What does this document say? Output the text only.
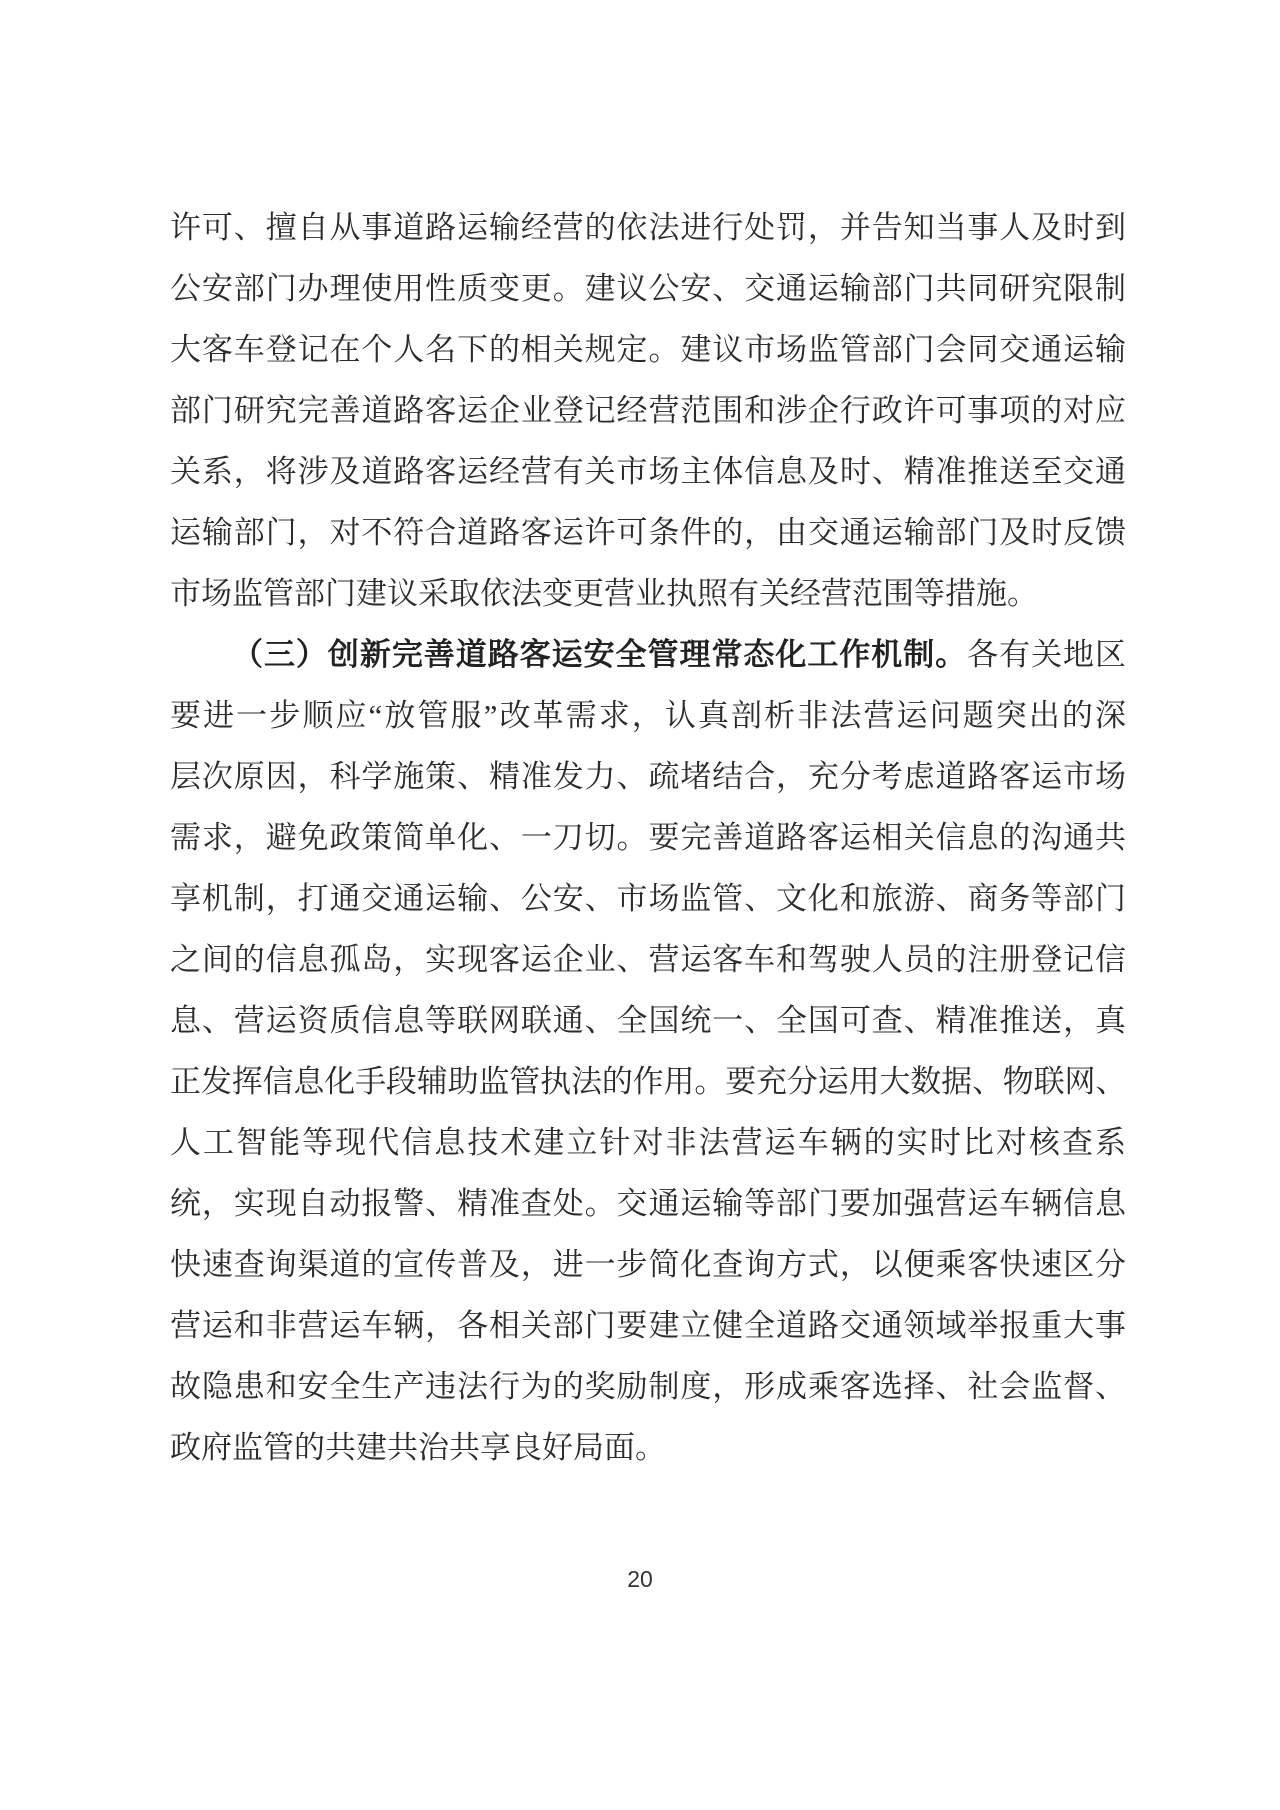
许可、擅自从事道路运输经营的依法进行处罚，并告知当事人及时到
公安部门办理使用性质变更。建议公安、交通运输部门共同研究限制
大客车登记在个人名下的相关规定。建议市场监管部门会同交通运输
部门研究完善道路客运企业登记经营范围和涉企行政许可事项的对应
关系，将涉及道路客运经营有关市场主体信息及时、精准推送至交通
运输部门，对不符合道路客运许可条件的，由交通运输部门及时反馈
市场监管部门建议采取依法变更营业执照有关经营范围等措施。
（三）创新完善道路客运安全管理常态化工作机制。各有关地区
要进一步顺应“放管服”改革需求，认真剖析非法营运问题突出的深
层次原因，科学施策、精准发力、疏堵结合，充分考虑道路客运市场
需求，避免政策简单化、一刀切。要完善道路客运相关信息的沟通共
享机制，打通交通运输、公安、市场监管、文化和旅游、商务等部门
之间的信息孤岛，实现客运企业、营运客车和驾驶人员的注册登记信
息、营运资质信息等联网联通、全国统一、全国可查、精准推送，真
正发挥信息化手段辅助监管执法的作用。要充分运用大数据、物联网、
人工智能等现代信息技术建立针对非法营运车辆的实时比对核查系
统，实现自动报警、精准查处。交通运输等部门要加强营运车辆信息
快速查询渠道的宣传普及，进一步简化查询方式，以便乘客快速区分
营运和非营运车辆，各相关部门要建立健全道路交通领域举报重大事
故隐患和安全生产违法行为的奖励制度，形成乘客选择、社会监督、
政府监管的共建共治共享良好局面。
20
